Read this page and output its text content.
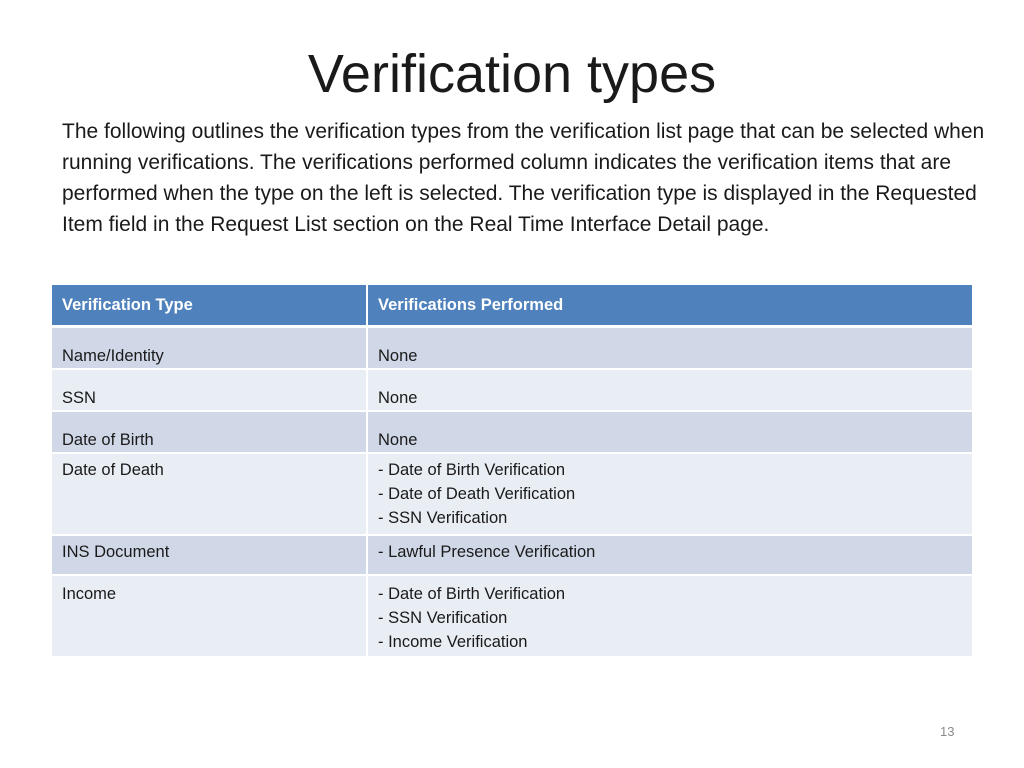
Verification types
The following outlines the verification types from the verification list page that can be selected when running verifications. The verifications performed column indicates the verification items that are performed when the type on the left is selected. The verification type is displayed in the Requested Item field in the Request List section on the Real Time Interface Detail page.
Verification Type	Verifications Performed
Name/Identity	None

SSN	None

Date of Birth	None

Date of Death	- Date of Birth Verification
- Date of Death Verification
- SSN Verification

INS Document	- Lawful Presence Verification

Income	- Date of Birth Verification
- SSN Verification
- Income Verification
13
